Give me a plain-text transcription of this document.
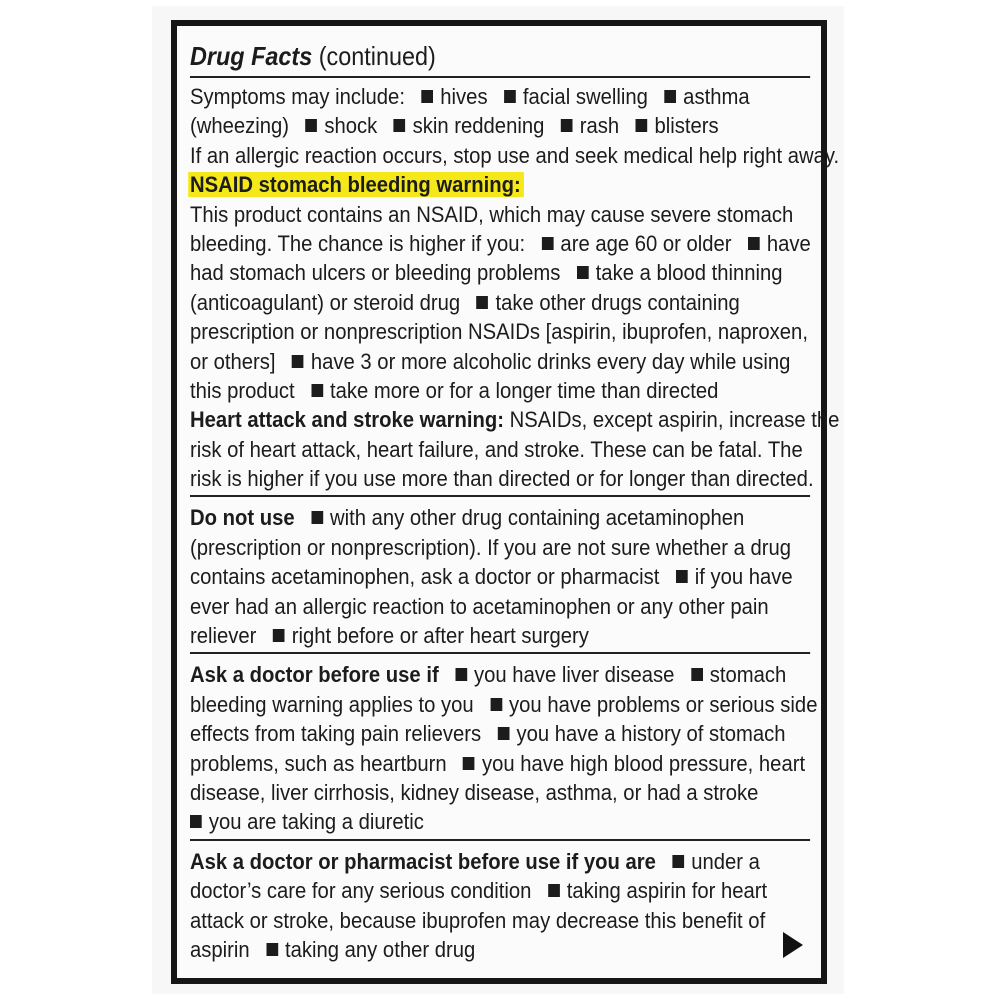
Drug Facts (continued)
Symptoms may include: hives facial swelling asthma
(wheezing) shock skin reddening rash blisters
If an allergic reaction occurs, stop use and seek medical help right away.
NSAID stomach bleeding warning:
This product contains an NSAID, which may cause severe stomach
bleeding. The chance is higher if you: are age 60 or older have
had stomach ulcers or bleeding problems take a blood thinning
(anticoagulant) or steroid drug take other drugs containing
prescription or nonprescription NSAIDs [aspirin, ibuprofen, naproxen,
or others] have 3 or more alcoholic drinks every day while using
this product take more or for a longer time than directed
Heart attack and stroke warning: NSAIDs, except aspirin, increase the
risk of heart attack, heart failure, and stroke. These can be fatal. The
risk is higher if you use more than directed or for longer than directed.
Do not use with any other drug containing acetaminophen
(prescription or nonprescription). If you are not sure whether a drug
contains acetaminophen, ask a doctor or pharmacist if you have
ever had an allergic reaction to acetaminophen or any other pain
reliever right before or after heart surgery
Ask a doctor before use if you have liver disease stomach
bleeding warning applies to you you have problems or serious side
effects from taking pain relievers you have a history of stomach
problems, such as heartburn you have high blood pressure, heart
disease, liver cirrhosis, kidney disease, asthma, or had a stroke
you are taking a diuretic
Ask a doctor or pharmacist before use if you are under a
doctor’s care for any serious condition taking aspirin for heart
attack or stroke, because ibuprofen may decrease this benefit of
aspirin taking any other drug
